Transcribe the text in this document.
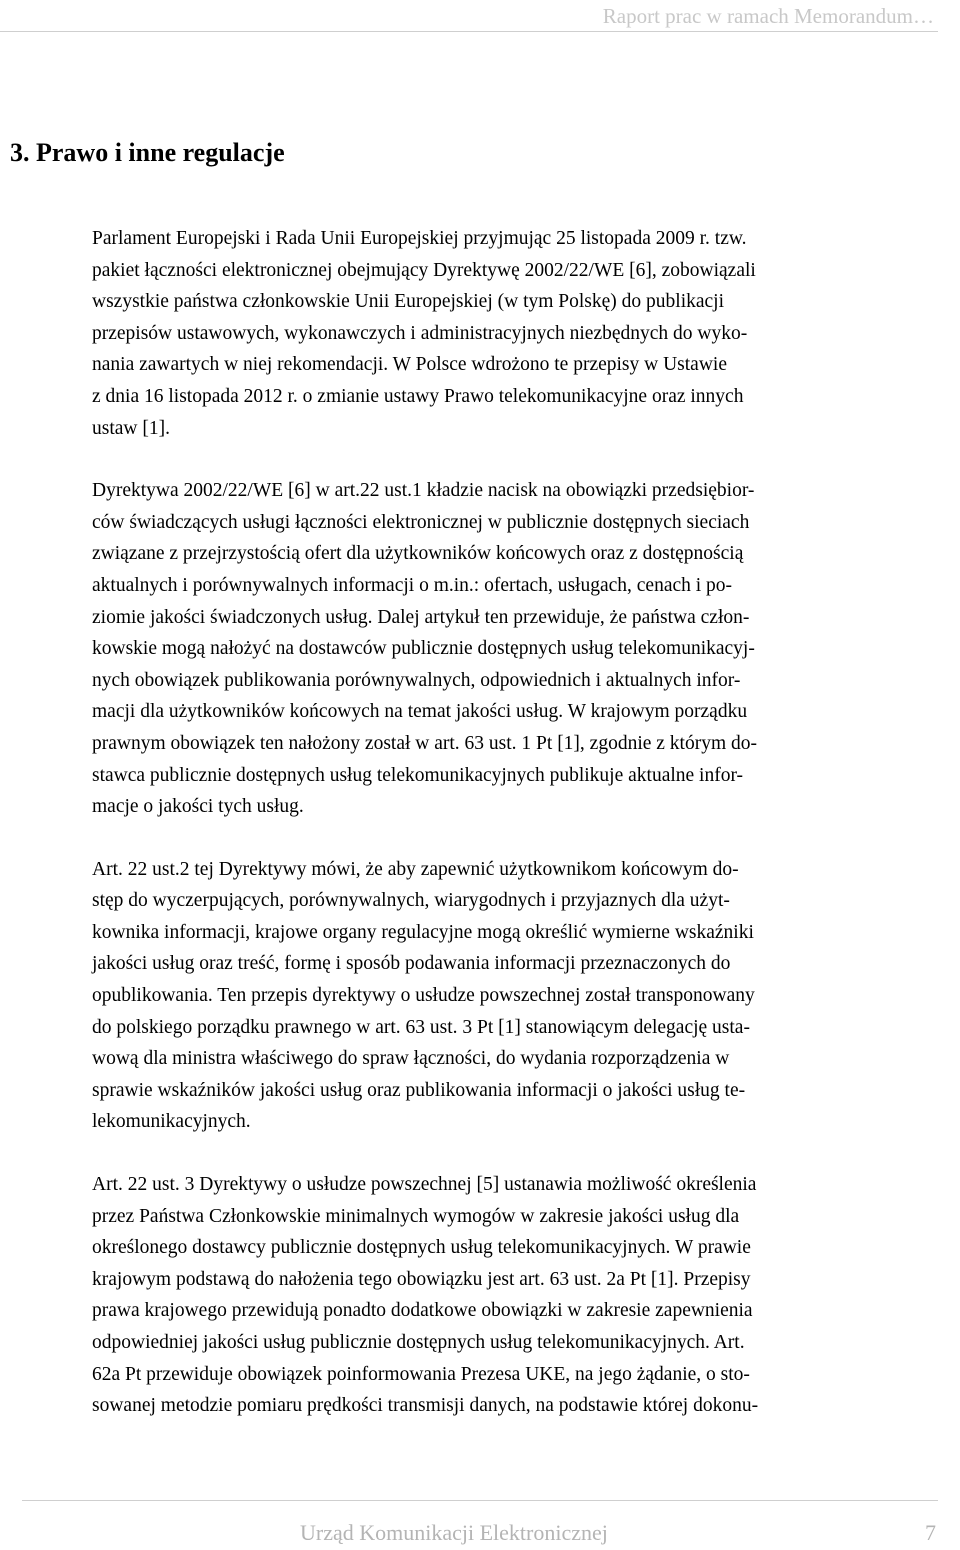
Raport prac w ramach Memorandum…
3. Prawo i inne regulacje

Parlament Europejski i Rada Unii Europejskiej przyjmując 25 listopada 2009 r. tzw.
pakiet łączności elektronicznej obejmujący Dyrektywę 2002/22/WE [6], zobowiązali
wszystkie państwa członkowskie Unii Europejskiej (w tym Polskę) do publikacji
przepisów ustawowych, wykonawczych i administracyjnych niezbędnych do wyko-
nania zawartych w niej rekomendacji. W Polsce wdrożono te przepisy w Ustawie
z dnia 16 listopada 2012 r. o zmianie ustawy Prawo telekomunikacyjne oraz innych
ustaw [1].

Dyrektywa 2002/22/WE [6] w art.22 ust.1 kładzie nacisk na obowiązki przedsiębior-
ców świadczących usługi łączności elektronicznej w publicznie dostępnych sieciach
związane z przejrzystością ofert dla użytkowników końcowych oraz z dostępnością
aktualnych i porównywalnych informacji o m.in.: ofertach, usługach, cenach i po-
ziomie jakości świadczonych usług. Dalej artykuł ten przewiduje, że państwa człon-
kowskie mogą nałożyć na dostawców publicznie dostępnych usług telekomunikacyj-
nych obowiązek publikowania porównywalnych, odpowiednich i aktualnych infor-
macji dla użytkowników końcowych na temat jakości usług. W krajowym porządku
prawnym obowiązek ten nałożony został w art. 63 ust. 1 Pt [1], zgodnie z którym do-
stawca publicznie dostępnych usług telekomunikacyjnych publikuje aktualne infor-
macje o jakości tych usług.

Art. 22 ust.2 tej Dyrektywy mówi, że aby zapewnić użytkownikom końcowym do-
stęp do wyczerpujących, porównywalnych, wiarygodnych i przyjaznych dla użyt-
kownika informacji, krajowe organy regulacyjne mogą określić wymierne wskaźniki
jakości usług oraz treść, formę i sposób podawania informacji przeznaczonych do
opublikowania. Ten przepis dyrektywy o usłudze powszechnej został transponowany
do polskiego porządku prawnego w art. 63 ust. 3 Pt [1] stanowiącym delegację usta-
wową dla ministra właściwego do spraw łączności, do wydania rozporządzenia w
sprawie wskaźników jakości usług oraz publikowania informacji o jakości usług te-
lekomunikacyjnych.

Art. 22 ust. 3 Dyrektywy o usłudze powszechnej [5] ustanawia możliwość określenia
przez Państwa Członkowskie minimalnych wymogów w zakresie jakości usług dla
określonego dostawcy publicznie dostępnych usług telekomunikacyjnych. W prawie
krajowym podstawą do nałożenia tego obowiązku jest art. 63 ust. 2a Pt [1]. Przepisy
prawa krajowego przewidują ponadto dodatkowe obowiązki w zakresie zapewnienia
odpowiedniej jakości usług publicznie dostępnych usług telekomunikacyjnych. Art.
62a Pt przewiduje obowiązek poinformowania Prezesa UKE, na jego żądanie, o sto-
sowanej metodzie pomiaru prędkości transmisji danych, na podstawie której dokonu-

Urząd Komunikacji Elektronicznej	7
